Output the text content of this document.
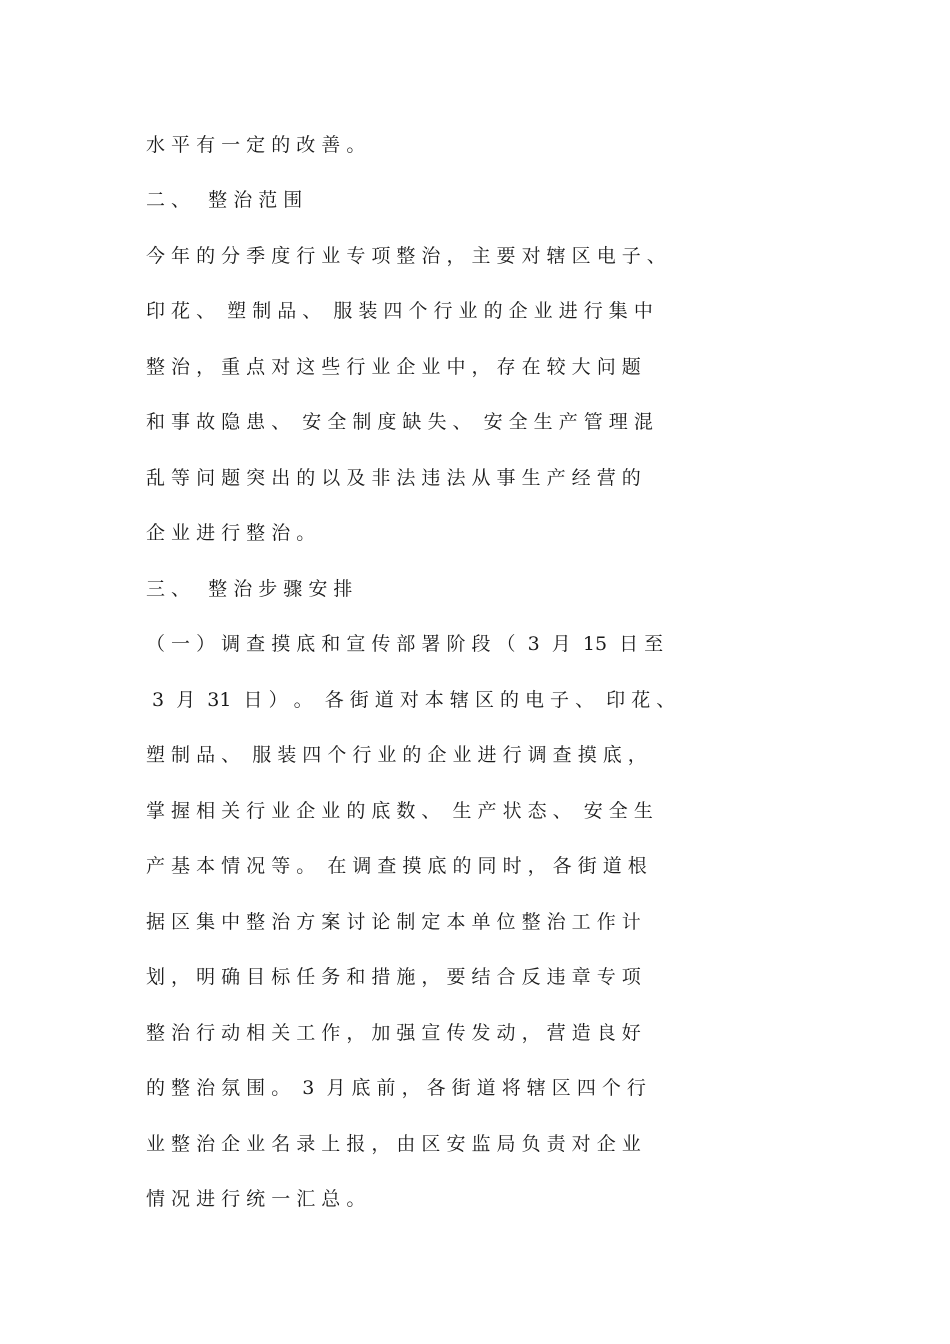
水 平 有 一 定 的 改 善 。
二 、   整 治 范 围
今 年 的 分 季 度 行 业 专 项 整 治 ， 主 要 对 辖 区 电 子 、
印 花 、  塑 制 品 、  服 装 四 个 行 业 的 企 业 进 行 集 中
整 治 ， 重 点 对 这 些 行 业 企 业 中 ， 存 在 较 大 问 题
和 事 故 隐 患 、  安 全 制 度 缺 失 、  安 全 生 产 管 理 混
乱 等 问 题 突 出 的 以 及 非 法 违 法 从 事 生 产 经 营 的
企 业 进 行 整 治 。
三 、   整 治 步 骤 安 排
（ 一 ） 调 查 摸 底 和 宣 传 部 署 阶 段 （  3  月  15  日 至
3  月  31  日 ） 。  各 街 道 对 本 辖 区 的 电 子 、  印 花 、
塑 制 品 、  服 装 四 个 行 业 的 企 业 进 行 调 查 摸 底 ，
掌 握 相 关 行 业 企 业 的 底 数 、  生 产 状 态 、  安 全 生
产 基 本 情 况 等 。  在 调 查 摸 底 的 同 时 ， 各 街 道 根
据 区 集 中 整 治 方 案 讨 论 制 定 本 单 位 整 治 工 作 计
划 ， 明 确 目 标 任 务 和 措 施 ， 要 结 合 反 违 章 专 项
整 治 行 动 相 关 工 作 ， 加 强 宣 传 发 动 ， 营 造 良 好
的 整 治 氛 围 。  3  月 底 前 ， 各 街 道 将 辖 区 四 个 行
业 整 治 企 业 名 录 上 报 ， 由 区 安 监 局 负 责 对 企 业
情 况 进 行 统 一 汇 总 。
